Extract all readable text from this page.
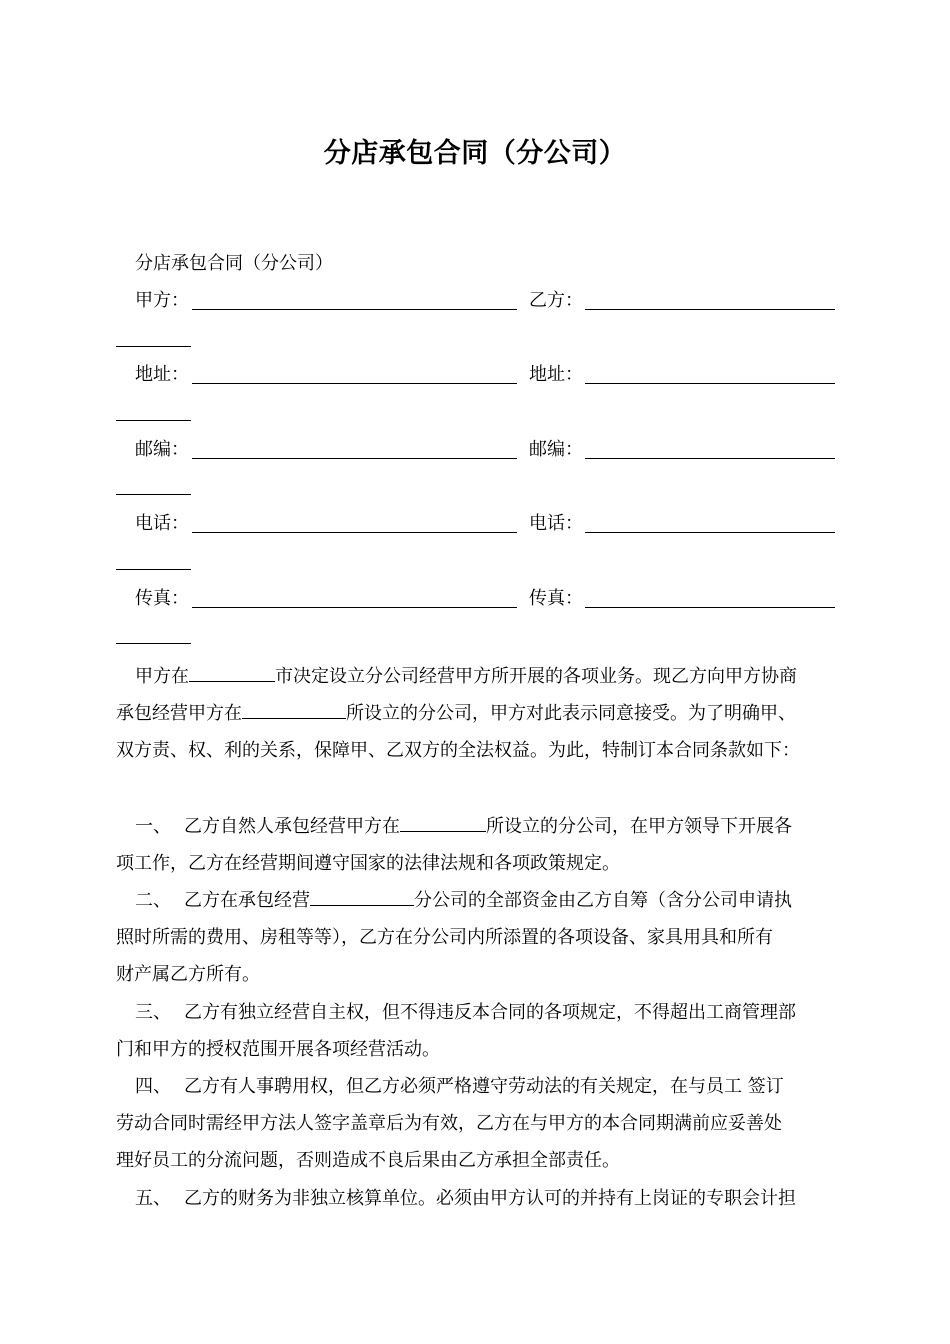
分店承包合同（分公司）
分店承包合同（分公司）
甲方：	乙方：
地址：	地址：
邮编：	邮编：
电话：	电话：
传真：	传真：
甲方在	市决定设立分公司经营甲方所开展的各项业务。现乙方向甲方协商
承包经营甲方在	所设立的分公司，甲方对此表示同意接受。为了明确甲、
双方责、权、利的关系，保障甲、乙双方的全法权益。为此，特制订本合同条款如下：
一、 乙方自然人承包经营甲方在	所设立的分公司，在甲方领导下开展各
项工作，乙方在经营期间遵守国家的法律法规和各项政策规定。
二、 乙方在承包经营	分公司的全部资金由乙方自筹（含分公司申请执
照时所需的费用、房租等等），乙方在分公司内所添置的各项设备、家具用具和所有
财产属乙方所有。
三、 乙方有独立经营自主权，但不得违反本合同的各项规定，不得超出工商管理部
门和甲方的授权范围开展各项经营活动。
四、 乙方有人事聘用权，但乙方必须严格遵守劳动法的有关规定，在与员工 签订
劳动合同时需经甲方法人签字盖章后为有效，乙方在与甲方的本合同期满前应妥善处
理好员工的分流问题，否则造成不良后果由乙方承担全部责任。
五、 乙方的财务为非独立核算单位。必须由甲方认可的并持有上岗证的专职会计担
